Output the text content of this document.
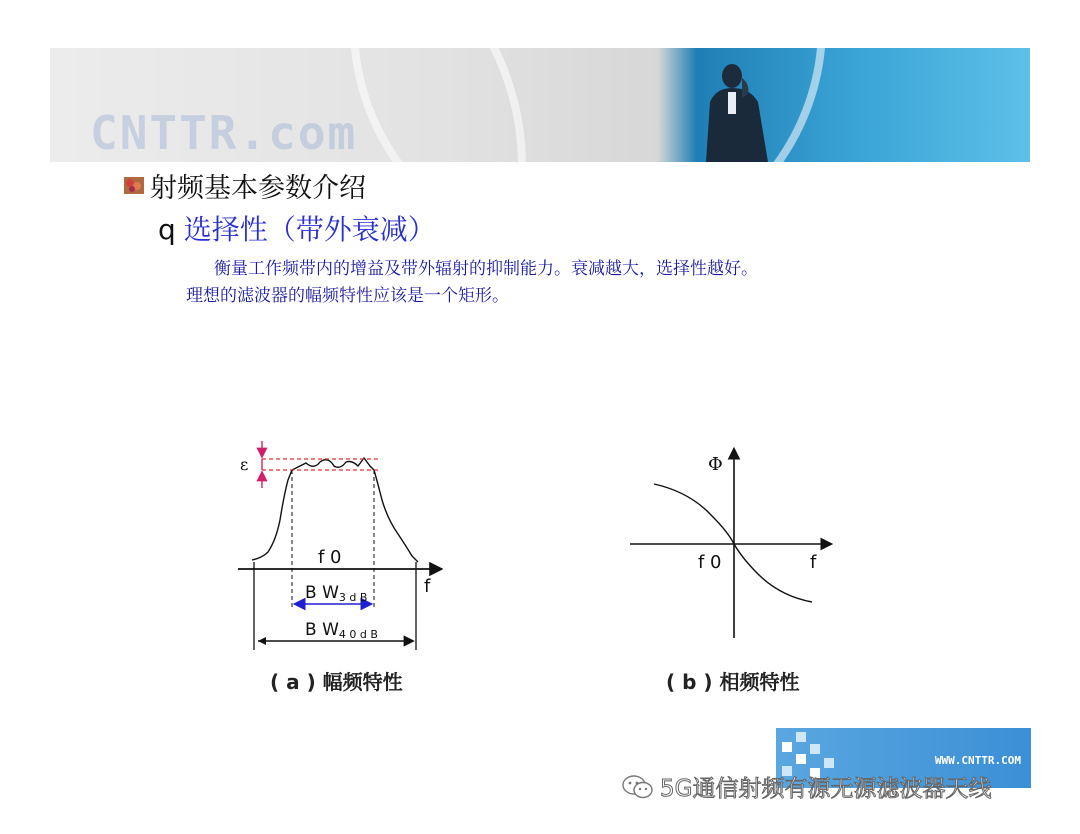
CNTTR.com
射频基本参数介绍
q 选择性（带外衰减）
衡量工作频带内的增益及带外辐射的抑制能力。衰减越大，选择性越好。
理想的滤波器的幅频特性应该是一个矩形。
ε
f 0
f
B W3 d B
B W4 0 d B
Φ
f 0	f
( a ) 幅频特性	( b ) 相频特性
WWW.CNTTR.COM
5G通信射频有源无源滤波器天线
